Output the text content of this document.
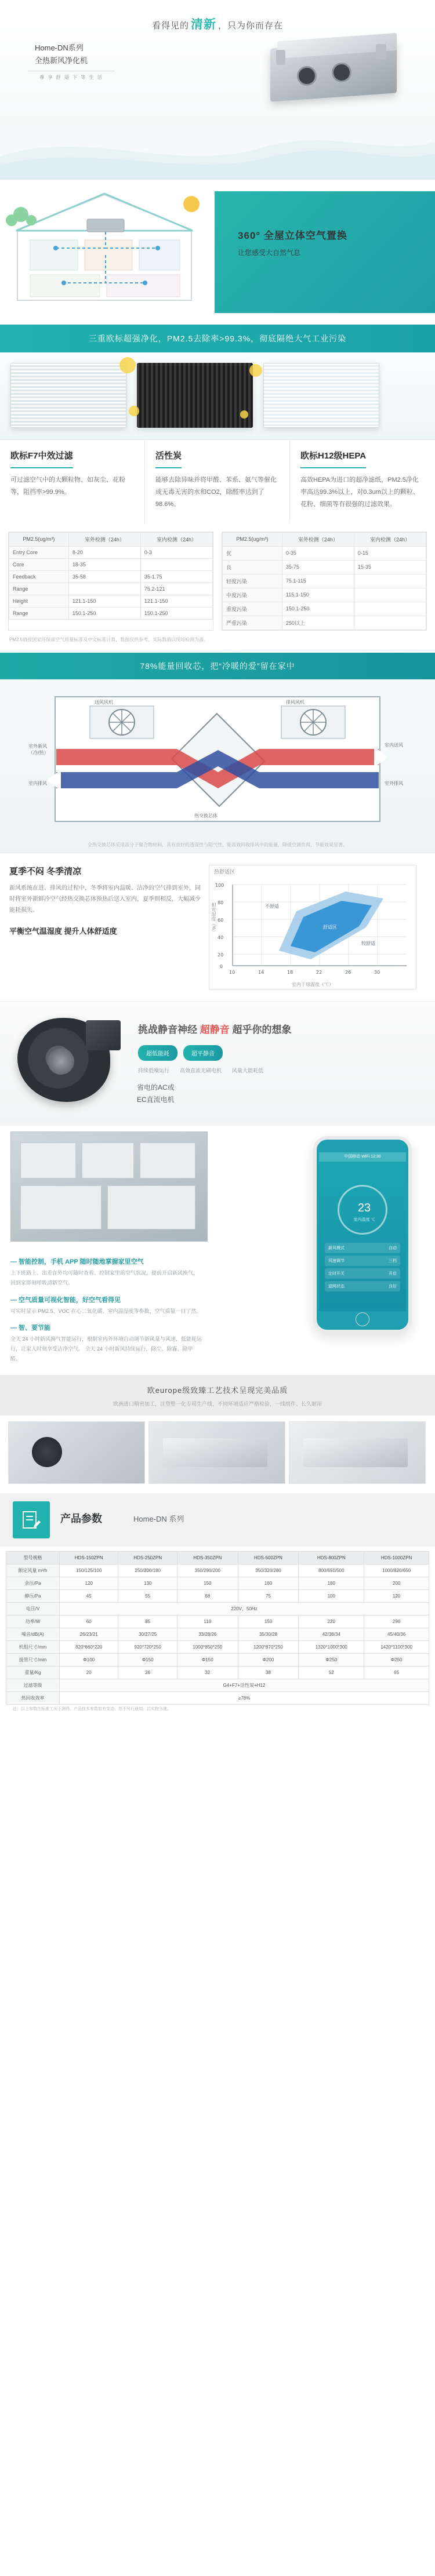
看得见的 清新 ，只为你而存在
Home-DN系列
全热新风净化机
尊 享 舒 适 下 等 生 活
360° 全屋立体空气置换
让您感受大自然气息
三重欧标超强净化，PM2.5去除率>99.3%，彻底隔绝大气工业污染
欧标F7中效过滤

可过滤空气中的大颗粒物、如灰尘、花粉等，阻挡率>99.9%。

活性炭

能够去除异味并将甲醛、苯系、氨气等催化成无毒无害的水和CO2，除醛率达到了98.6%。

欧标H12级HEPA

高效HEPA为进口的超净滤纸，PM2.5净化率高达99.3%以上，对0.3um以上的颗粒、花粉、细菌等有很强的过滤效果。

PM2.5(ug/m³)	室外检测（24h）	室内检测（24h）
Entry Core	8-20	0-3
Core	18-35	
Feedback	35-58	35-1.75
Range		75.2-121
Height	121.1-150	121.1-150
Range	150.1-250	150.1-250
PM2.5(ug/m³)	室外检测（24h）	室内检测（24h）
优	0-35	0-15
良	35-75	15-35
轻度污染	75.1-115	
中度污染	115.1-150	
重度污染	150.1-250	
严重污染	250以上	
PM2.5值按国家环保部空气质量标准及中文标准计算，数据仅供参考，实际数值以现场检测为准。
78%能量回收芯，把“冷暖的爱”留在家中
送风风机	排风风机
室外新风
（冷/热）
室内排风
室内送风
室外排风
热交换芯体
全热交换芯体采用高分子聚合物材料，具有良好的透湿性与阻气性，能高效回收排风中的能量，降低空调负荷，节能效果显著。
夏季不闷 冬季清凉

新风系统在进、排风的过程中，冬季将室内温暖、洁净的空气排到室外，同时将室外新鲜冷空气经热交换芯体预热后送入室内，夏季则相反，大幅减少能耗损失。

平衡空气温湿度 提升人体舒适度
热舒适区
0
20
40
60
80
100
10	14	18	22	26	30
舒适区
较舒适
不舒适
室内干球温度（℃）
相对湿度（%）
挑战静音神经 超静音 超乎你的想象
超低能耗	超平静音
持续低噪运行 高效直流无刷电机 风量大能耗低
省电的AC或
EC直流电机
— 智能控制，手机 APP 随时随地掌握家里空气
上下班路上、出差在外均可随时查看、控制家里的空气状况，提前开启新风换气，回到家即刻呼吸清新空气。
— 空气质量可视化智能，好空气看得见
可实时显示 PM2.5、VOC 在心二氧化碳、室内温湿度等参数，空气质量一目了然。
— 智、要节能
全天 24 小时新风换气智能运行，根据室内外环境自动调节新风量与风速，低能耗运行，让家人时刻享受洁净空气。 全天 24 小时新风持续运行，除尘、除霾、除甲醛。
中国移动 WiFi 12:30
23
室内温度 ℃
新风模式	自动
风速调节	三档
定时开关	开启
滤网状态	良好
欧europe级致臻工艺技术呈现完美品质
欧洲进口精密加工，注塑整一化专用生产线，不同环境适应严格检验，一线组件、长久耐用
产品参数	Home-DN 系列
型号规格	HDS-150ZPN	HDS-250ZPN	HDS-350ZPN	HDS-500ZPN	HDS-800ZPN	HDS-1000ZPN
额定风量 m³/h	150/125/100	250/200/180	350/290/200	350/320/280	800/650/500	1000/820/650
余压/Pa	120	130	150	160	180	200
静压/Pa	45	55	68	75	100	120
电压/V	220V，50Hz					
功率/W	60	85	110	150	220	290
噪音/dB(A)	26/23/21	30/27/25	33/28/26	35/30/28	42/38/34	45/40/36
机组尺寸/mm	820*660*220	920*720*250	1000*850*250	1200*870*250	1320*1000*300	1420*1100*300
接管尺寸/mm	Φ100	Φ150	Φ150	Φ200	Φ250	Φ250
重量/Kg	20	26	32	38	52	65
过滤等级	G4+F7+活性炭+H12					
热回收效率	≥78%					
注：以上参数在标准工况下测得，产品技术参数如有变动，恕不另行通知，以实物为准。
